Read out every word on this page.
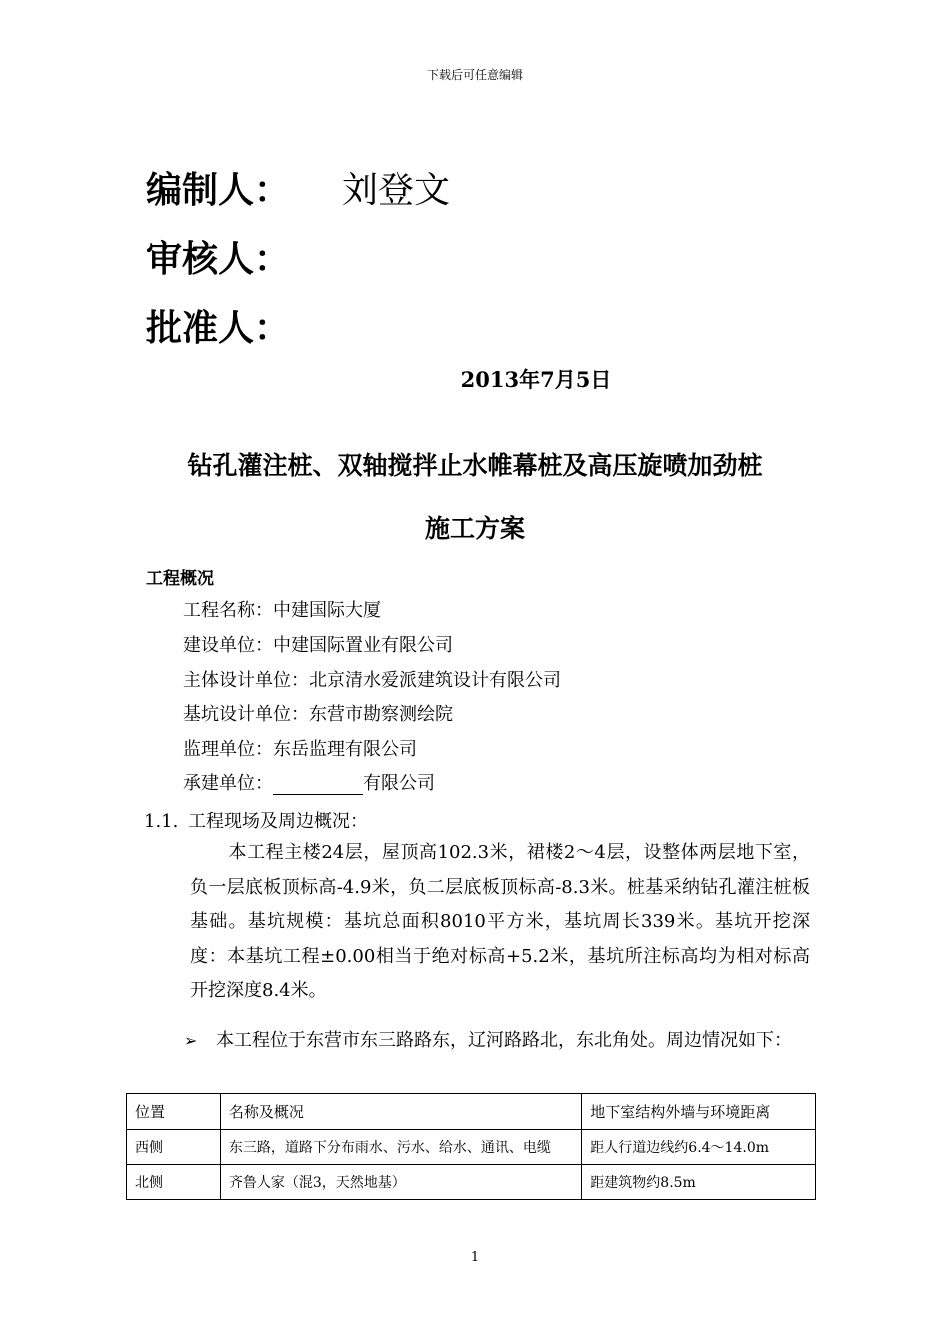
下载后可任意编辑
编制人： 刘登文
审核人：
批准人：
2013年7月5日
钻孔灌注桩、双轴搅拌止水帷幕桩及高压旋喷加劲桩
施工方案
工程概况
工程名称：中建国际大厦
建设单位：中建国际置业有限公司
主体设计单位：北京清水爱派建筑设计有限公司
基坑设计单位：东营市勘察测绘院
监理单位：东岳监理有限公司
承建单位：	有限公司
1.1. 工程现场及周边概况：
本工程主楼24层，屋顶高102.3米，裙楼2～4层，设整体两层地下室，负一层底板顶标高-4.9米，负二层底板顶标高-8.3米。桩基采纳钻孔灌注桩板基础。基坑规模：基坑总面积8010平方米，基坑周长339米。基坑开挖深度：本基坑工程±0.00相当于绝对标高+5.2米，基坑所注标高均为相对标高开挖深度8.4米。
➢	本工程位于东营市东三路路东，辽河路路北，东北角处。周边情况如下：
位置	名称及概况	地下室结构外墙与环境距离
西侧	东三路，道路下分布雨水、污水、给水、通讯、电缆	距人行道边线约6.4～14.0m
北侧	齐鲁人家（混3，天然地基）	距建筑物约8.5m
1
